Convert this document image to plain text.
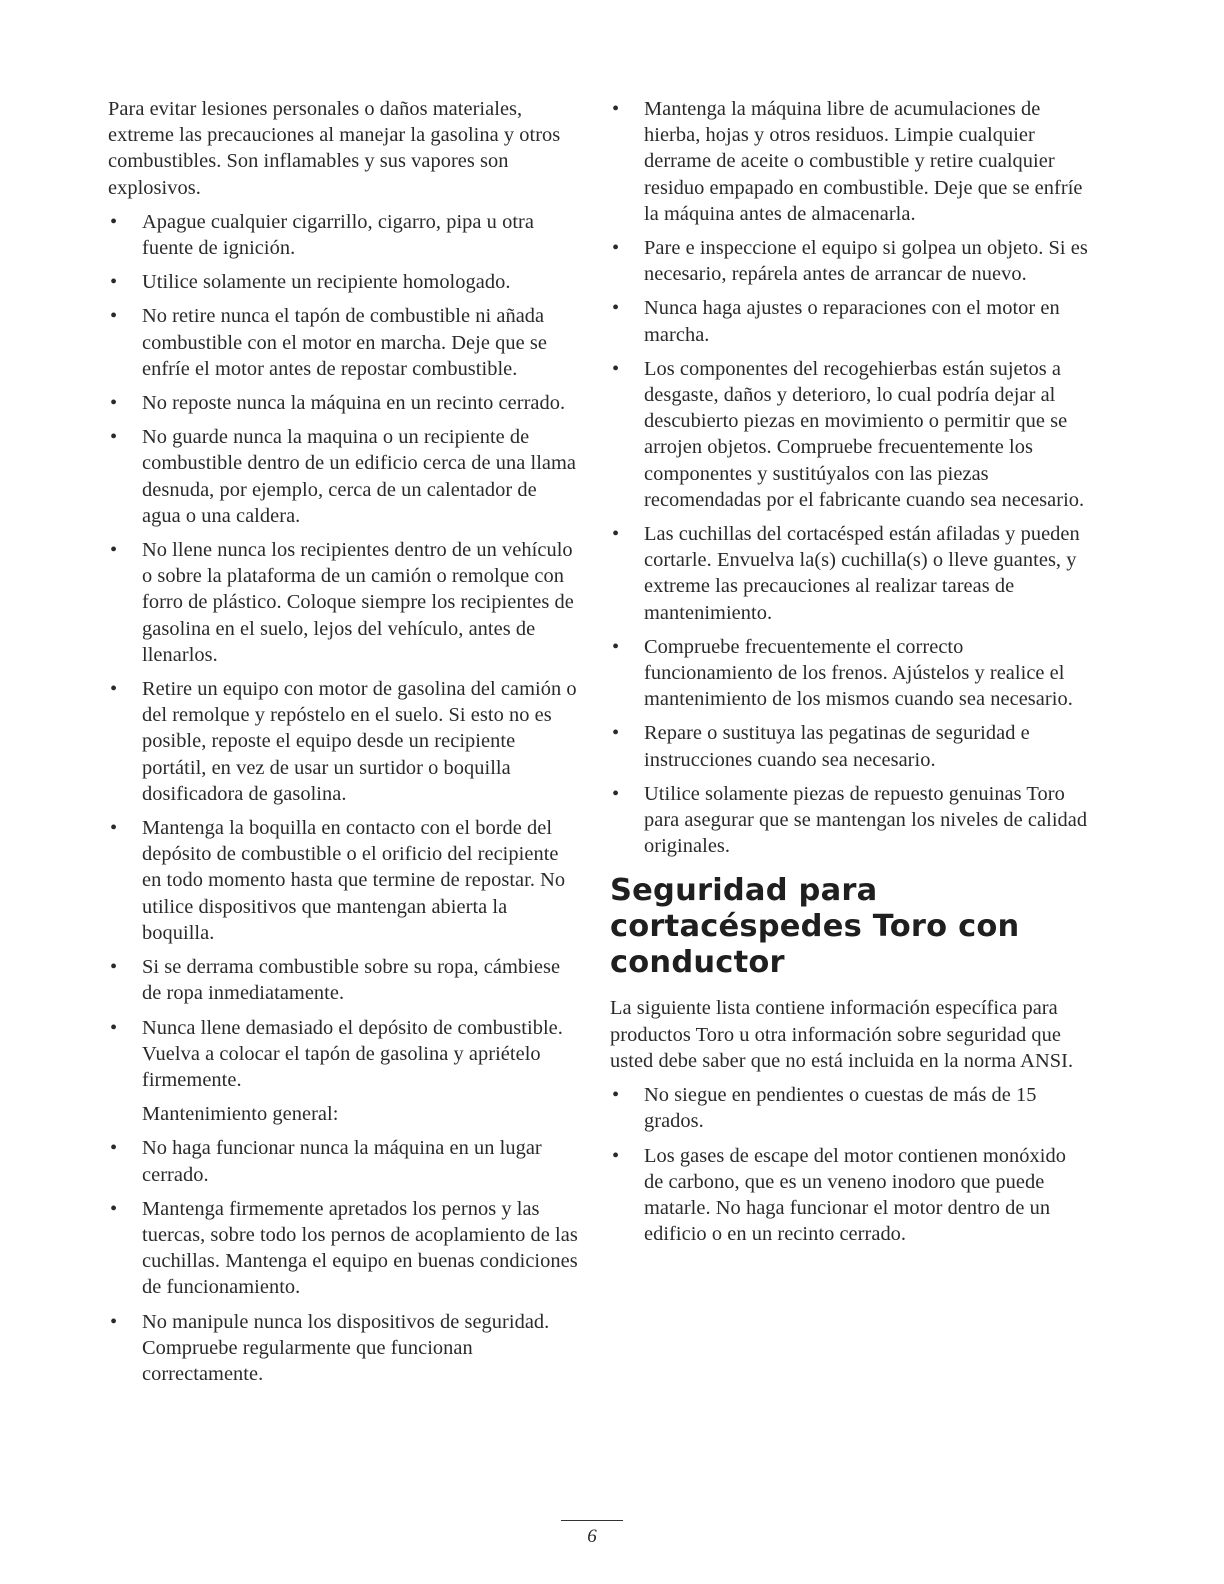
Para evitar lesiones personales o daños materiales, extreme las precauciones al manejar la gasolina y otros combustibles. Son inflamables y sus vapores son explosivos.

• Apague cualquier cigarrillo, cigarro, pipa u otra fuente de ignición.

• Utilice solamente un recipiente homologado.

• No retire nunca el tapón de combustible ni añada combustible con el motor en marcha. Deje que se enfríe el motor antes de repostar combustible.

• No reposte nunca la máquina en un recinto cerrado.

• No guarde nunca la maquina o un recipiente de combustible dentro de un edificio cerca de una llama desnuda, por ejemplo, cerca de un calentador de agua o una caldera.

• No llene nunca los recipientes dentro de un vehículo o sobre la plataforma de un camión o remolque con forro de plástico. Coloque siempre los recipientes de gasolina en el suelo, lejos del vehículo, antes de llenarlos.

• Retire un equipo con motor de gasolina del camión o del remolque y repóstelo en el suelo. Si esto no es posible, reposte el equipo desde un recipiente portátil, en vez de usar un surtidor o boquilla dosificadora de gasolina.

• Mantenga la boquilla en contacto con el borde del depósito de combustible o el orificio del recipiente en todo momento hasta que termine de repostar. No utilice dispositivos que mantengan abierta la boquilla.

• Si se derrama combustible sobre su ropa, cámbiese de ropa inmediatamente.

• Nunca llene demasiado el depósito de combustible. Vuelva a colocar el tapón de gasolina y apriételo firmemente.

Mantenimiento general:

• No haga funcionar nunca la máquina en un lugar cerrado.

• Mantenga firmemente apretados los pernos y las tuercas, sobre todo los pernos de acoplamiento de las cuchillas. Mantenga el equipo en buenas condiciones de funcionamiento.

• No manipule nunca los dispositivos de seguridad. Compruebe regularmente que funcionan correctamente.

• Mantenga la máquina libre de acumulaciones de hierba, hojas y otros residuos. Limpie cualquier derrame de aceite o combustible y retire cualquier residuo empapado en combustible. Deje que se enfríe la máquina antes de almacenarla.

• Pare e inspeccione el equipo si golpea un objeto. Si es necesario, repárela antes de arrancar de nuevo.

• Nunca haga ajustes o reparaciones con el motor en marcha.

• Los componentes del recogehierbas están sujetos a desgaste, daños y deterioro, lo cual podría dejar al descubierto piezas en movimiento o permitir que se arrojen objetos. Compruebe frecuentemente los componentes y sustitúyalos con las piezas recomendadas por el fabricante cuando sea necesario.

• Las cuchillas del cortacésped están afiladas y pueden cortarle. Envuelva la(s) cuchilla(s) o lleve guantes, y extreme las precauciones al realizar tareas de mantenimiento.

• Compruebe frecuentemente el correcto funcionamiento de los frenos. Ajústelos y realice el mantenimiento de los mismos cuando sea necesario.

• Repare o sustituya las pegatinas de seguridad e instrucciones cuando sea necesario.

• Utilice solamente piezas de repuesto genuinas Toro para asegurar que se mantengan los niveles de calidad originales.

Seguridad para cortacéspedes Toro con conductor

La siguiente lista contiene información específica para productos Toro u otra información sobre seguridad que usted debe saber que no está incluida en la norma ANSI.

• No siegue en pendientes o cuestas de más de 15 grados.

• Los gases de escape del motor contienen monóxido de carbono, que es un veneno inodoro que puede matarle. No haga funcionar el motor dentro de un edificio o en un recinto cerrado.

6
